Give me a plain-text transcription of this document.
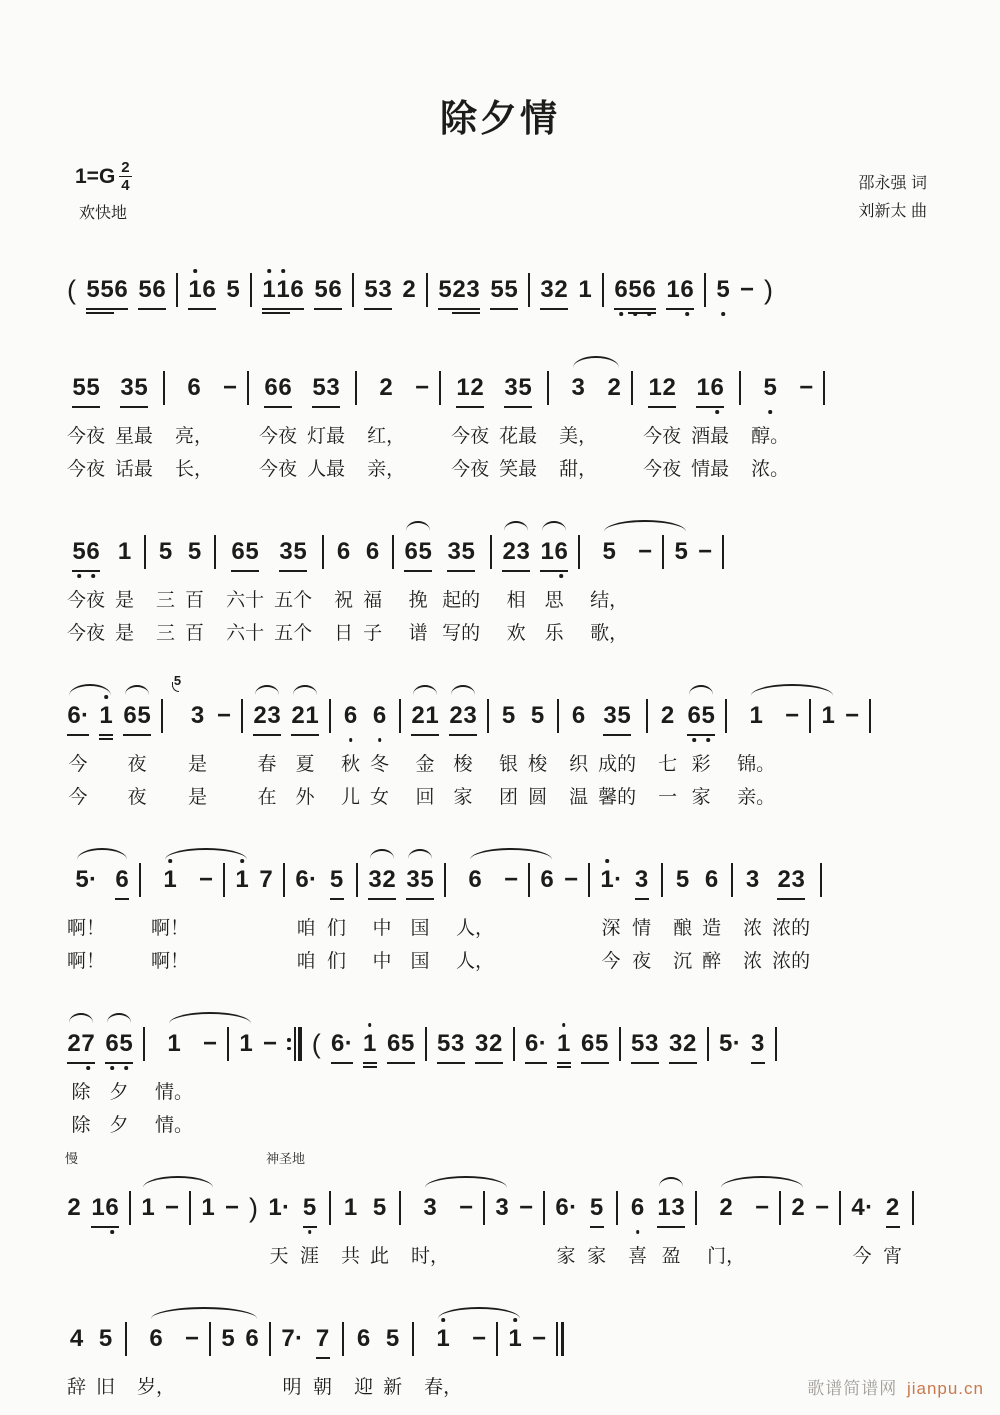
除夕情
$1=G \frac{2}{4}$
欢快地
邵永强 词
刘新太 曲
( 5 5 6 5 6 1 6 5 1 1 6 5 6 5 3 2 5 2 3 5 5 3 2 1 6 5 6 1 6 5 − )
5 5
今夜
今夜
3 5
星最
话最
6
亮，
长，
− 6 6
今夜
今夜
5 3
灯最
人最
2
红，
亲，
− 1 2
今夜
今夜
3 5
花最
笑最
3
美，
甜，
2 1 2
今夜
今夜
1 6
酒最
情最
5
醇。
浓。
−
5 6
今夜
今夜
1
是
是
5
三
三
5
百
百
6 5
六十
六十
3 5
五个
五个
6
祝
日
6
福
子
6 5
挽
谱
3 5
起的
写的
2 3
相
欢
1 6
思
乐
5
结，
歌，
− 5 −
6 ·
今
今
1 6 5
夜
夜
5
3
是
是
− 2 3
春
在
2 1
夏
外
6
秋
儿
6
冬
女
2 1
金
回
2 3
梭
家
5
银
团
5
梭
圆
6
织
温
3 5
成的
馨的
2
七
一
6 5
彩
家
1
锦。
亲。
− 1 −
5 ·
啊！
啊！
6 1
啊！
啊！
− 1 7 6 ·
咱
咱
5
们
们
3 2
中
中
3 5
国
国
6
人，
人，
− 6 − 1 ·
深
今
3
情
夜
5
酿
沉
6
造
醉
3
浓
浓
2 3
浓的
浓的
2 7
除
除
6 5
夕
夕
1
情。
情。
− 1 − ( 6 · 1 6 5 5 3 3 2 6 · 1 6 5 5 3 3 2 5 · 3
慢
2 1 6 1 − 1 − )
神圣地
1 ·
天
5
涯
1
共
5
此
3
时，
− 3 − 6 ·
家
5
家
6
喜
1 3
盈
2
门，
− 2 − 4 ·
今
2
宵
4
辞
5
旧
6
岁，
− 5 6 7 ·
明
7
朝
6
迎
5
新
1
春，
− 1 −
歌谱简谱网 jianpu.cn
